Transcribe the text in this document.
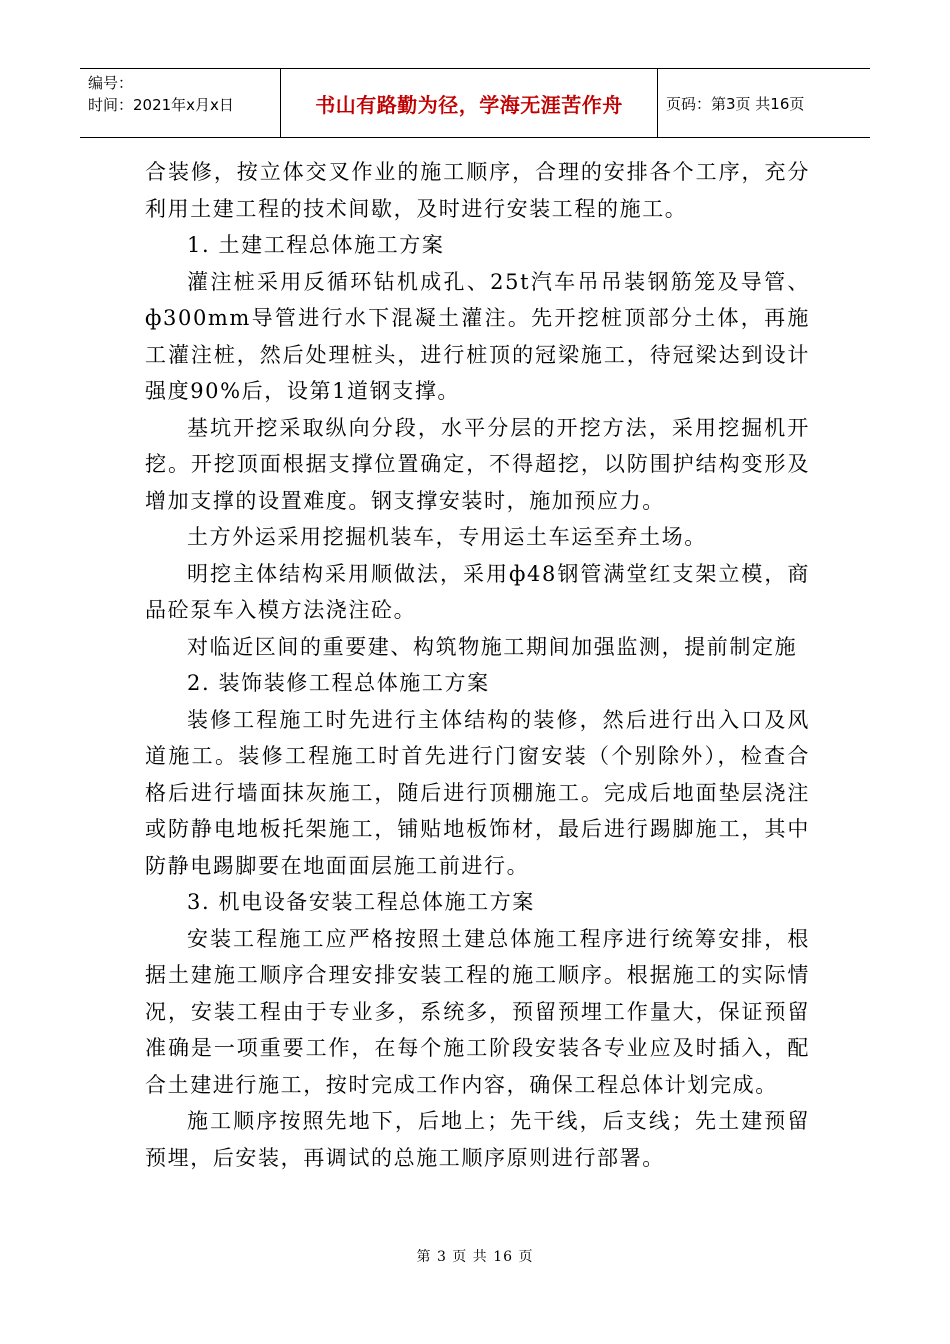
编号：
时间：2021年x月x日	书山有路勤为径，学海无涯苦作舟	页码：第3页 共16页

合装修，按立体交叉作业的施工顺序，合理的安排各个工序，充分利用土建工程的技术间歇，及时进行安装工程的施工。

1. 土建工程总体施工方案

灌注桩采用反循环钻机成孔、25t汽车吊吊装钢筋笼及导管、ф300mm导管进行水下混凝土灌注。先开挖桩顶部分土体，再施工灌注桩，然后处理桩头，进行桩顶的冠梁施工，待冠梁达到设计强度90%后，设第1道钢支撑。

基坑开挖采取纵向分段，水平分层的开挖方法，采用挖掘机开挖。开挖顶面根据支撑位置确定，不得超挖，以防围护结构变形及增加支撑的设置难度。钢支撑安装时，施加预应力。

土方外运采用挖掘机装车，专用运土车运至弃土场。

明挖主体结构采用顺做法，采用ф48钢管满堂红支架立模，商品砼泵车入模方法浇注砼。

对临近区间的重要建、构筑物施工期间加强监测，提前制定施

2. 装饰装修工程总体施工方案

装修工程施工时先进行主体结构的装修，然后进行出入口及风道施工。装修工程施工时首先进行门窗安装（个别除外），检查合格后进行墙面抹灰施工，随后进行顶棚施工。完成后地面垫层浇注或防静电地板托架施工，铺贴地板饰材，最后进行踢脚施工，其中防静电踢脚要在地面面层施工前进行。

3. 机电设备安装工程总体施工方案

安装工程施工应严格按照土建总体施工程序进行统筹安排，根据土建施工顺序合理安排安装工程的施工顺序。根据施工的实际情况，安装工程由于专业多，系统多，预留预埋工作量大，保证预留准确是一项重要工作，在每个施工阶段安装各专业应及时插入，配合土建进行施工，按时完成工作内容，确保工程总体计划完成。

施工顺序按照先地下，后地上；先干线，后支线；先土建预留预埋，后安装，再调试的总施工顺序原则进行部署。

第 3 页 共 16 页
